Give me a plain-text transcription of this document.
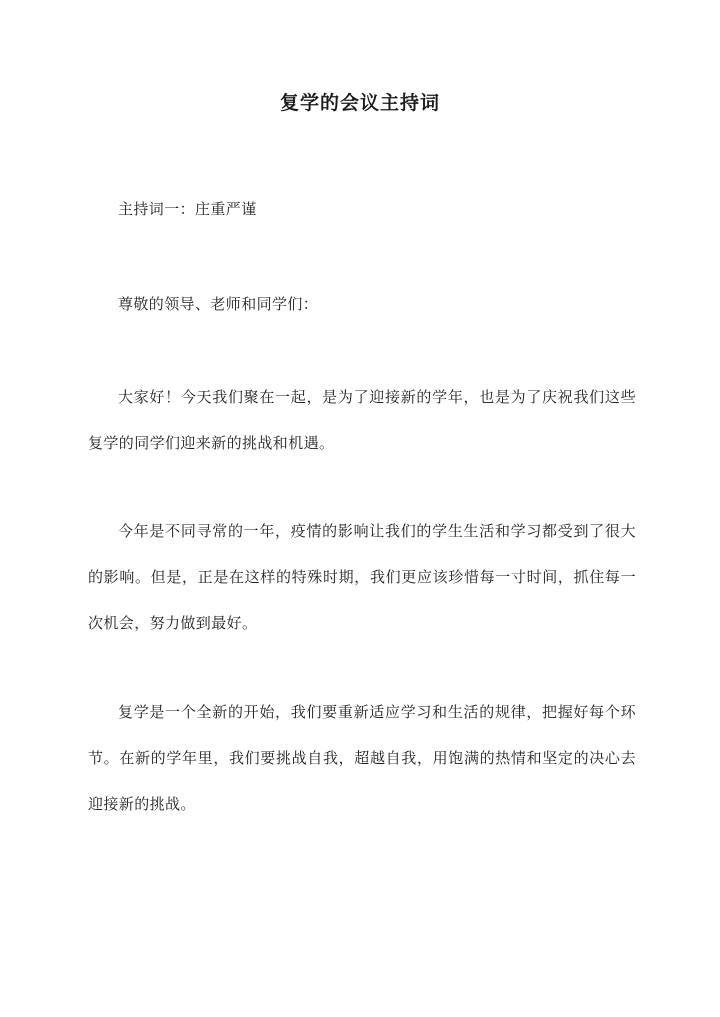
复学的会议主持词

主持词一：庄重严谨

尊敬的领导、老师和同学们：

大家好！今天我们聚在一起，是为了迎接新的学年，也是为了庆祝我们这些复学的同学们迎来新的挑战和机遇。

今年是不同寻常的一年，疫情的影响让我们的学生生活和学习都受到了很大的影响。但是，正是在这样的特殊时期，我们更应该珍惜每一寸时间，抓住每一次机会，努力做到最好。

复学是一个全新的开始，我们要重新适应学习和生活的规律，把握好每个环节。在新的学年里，我们要挑战自我，超越自我，用饱满的热情和坚定的决心去迎接新的挑战。
